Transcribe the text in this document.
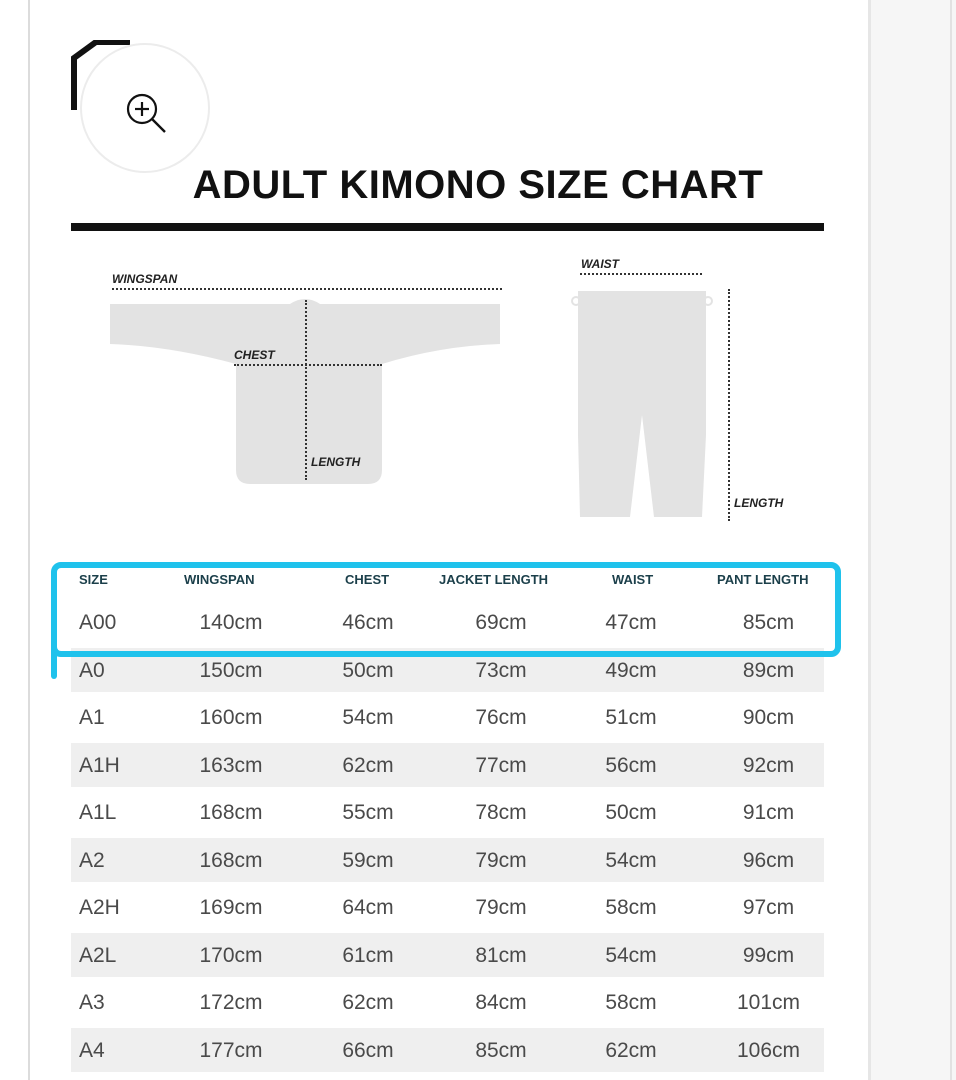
ADULT KIMONO SIZE CHART
WINGSPAN
CHEST
LENGTH
WAIST
LENGTH
SIZE	WINGSPAN	CHEST	JACKET LENGTH	WAIST	PANT LENGTH
A00	140cm	46cm	69cm	47cm	85cm
A0	150cm	50cm	73cm	49cm	89cm
A1	160cm	54cm	76cm	51cm	90cm
A1H	163cm	62cm	77cm	56cm	92cm
A1L	168cm	55cm	78cm	50cm	91cm
A2	168cm	59cm	79cm	54cm	96cm
A2H	169cm	64cm	79cm	58cm	97cm
A2L	170cm	61cm	81cm	54cm	99cm
A3	172cm	62cm	84cm	58cm	101cm
A4	177cm	66cm	85cm	62cm	106cm
